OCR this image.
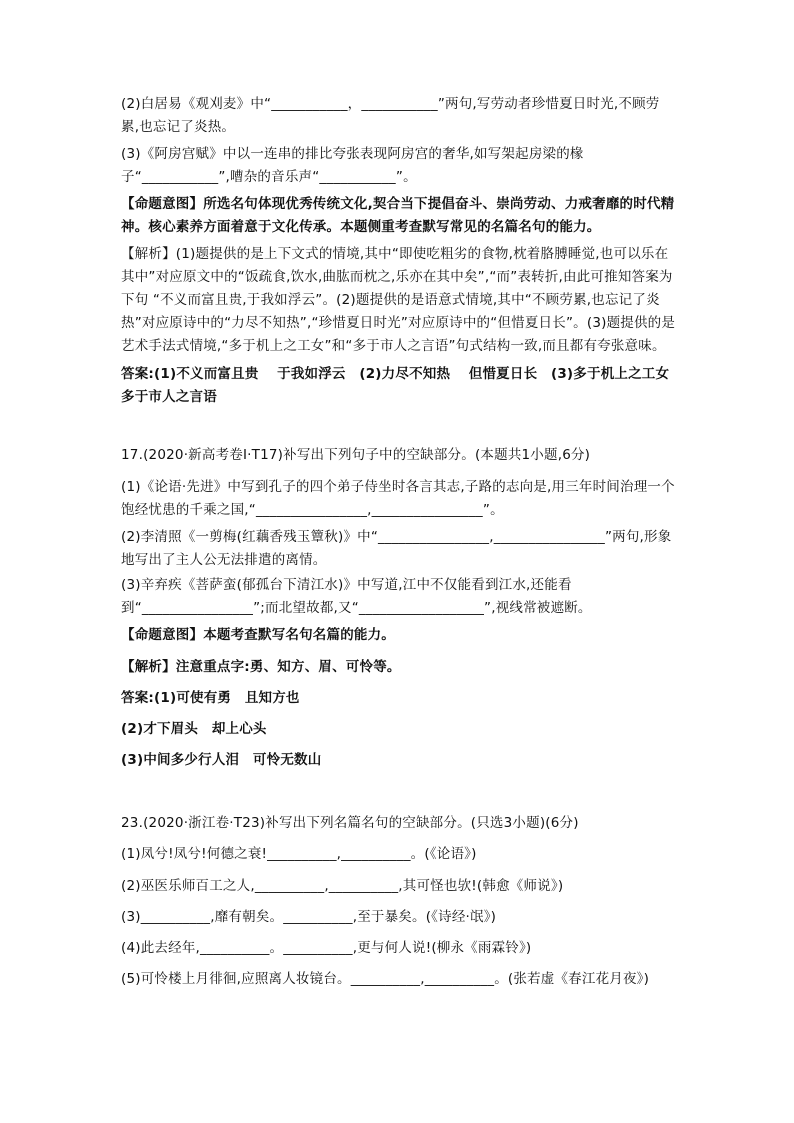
(2)白居易《观刈麦》中“___________，___________”两句,写劳动者珍惜夏日时光,不顾劳累,也忘记了炎热。
(3)《阿房宫赋》中以一连串的排比夸张表现阿房宫的奢华,如写架起房梁的椽子“___________”,嘈杂的音乐声“___________”。
【命题意图】所选名句体现优秀传统文化,契合当下提倡奋斗、崇尚劳动、力戒奢靡的时代精神。核心素养方面着意于文化传承。本题侧重考查默写常见的名篇名句的能力。
【解析】(1)题提供的是上下文式的情境,其中“即使吃粗劣的食物,枕着胳膊睡觉,也可以乐在其中”对应原文中的“饭疏食,饮水,曲肱而枕之,乐亦在其中矣”,“而”表转折,由此可推知答案为下句 “不义而富且贵,于我如浮云”。(2)题提供的是语意式情境,其中“不顾劳累,也忘记了炎热”对应原诗中的“力尽不知热”,“珍惜夏日时光”对应原诗中的“但惜夏日长”。(3)题提供的是艺术手法式情境,“多于机上之工女”和“多于市人之言语”句式结构一致,而且都有夸张意味。
答案:(1)不义而富且贵　 于我如浮云　(2)力尽不知热　 但惜夏日长　(3)多于机上之工女　多于市人之言语
17.(2020·新高考卷Ⅰ·T17)补写出下列句子中的空缺部分。(本题共1小题,6分)
(1)《论语·先进》中写到孔子的四个弟子侍坐时各言其志,子路的志向是,用三年时间治理一个饱经忧患的千乘之国,“________________,________________”。
(2)李清照《一剪梅(红藕香残玉簟秋)》中“________________,________________”两句,形象地写出了主人公无法排遣的离情。
(3)辛弃疾《菩萨蛮(郁孤台下清江水)》中写道,江中不仅能看到江水,还能看到“________________”;而北望故都,又“__________________”,视线常被遮断。
【命题意图】本题考查默写名句名篇的能力。
【解析】注意重点字:勇、知方、眉、可怜等。
答案:(1)可使有勇　且知方也
(2)才下眉头　却上心头
(3)中间多少行人泪　可怜无数山
23.(2020·浙江卷·T23)补写出下列名篇名句的空缺部分。(只选3小题)(6分)
(1)凤兮!凤兮!何德之衰!__________,__________。(《论语》)
(2)巫医乐师百工之人,__________,__________,其可怪也欤!(韩愈《师说》)
(3)__________,靡有朝矣。__________,至于暴矣。(《诗经·氓》)
(4)此去经年,__________。__________,更与何人说!(柳永《雨霖铃》)
(5)可怜楼上月徘徊,应照离人妆镜台。__________,__________。(张若虚《春江花月夜》)
